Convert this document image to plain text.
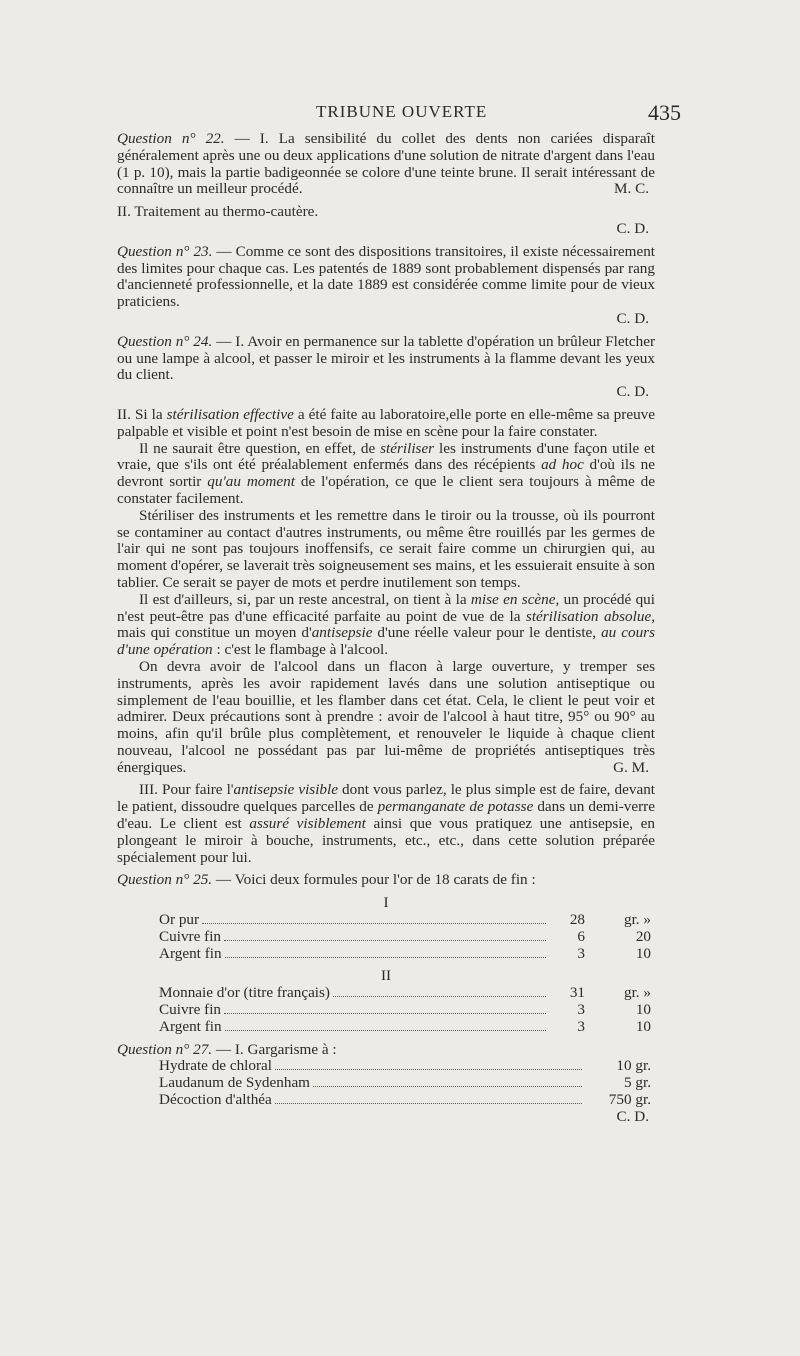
TRIBUNE OUVERTE	435

Question n° 22. — I. La sensibilité du collet des dents non cariées disparaît généralement après une ou deux applications d'une solution de nitrate d'argent dans l'eau (1 p. 10), mais la partie badigeonnée se colore d'une teinte brune. Il serait intéressant de connaître un meilleur procédé.	M. C.

II. Traitement au thermo-cautère.

C. D.

Question n° 23. — Comme ce sont des dispositions transitoires, il existe nécessairement des limites pour chaque cas. Les patentés de 1889 sont probablement dispensés par rang d'ancienneté professionnelle, et la date 1889 est considérée comme limite pour de vieux praticiens.

C. D.

Question n° 24. — I. Avoir en permanence sur la tablette d'opération un brûleur Fletcher ou une lampe à alcool, et passer le miroir et les instruments à la flamme devant les yeux du client.

C. D.

II. Si la stérilisation effective a été faite au laboratoire,elle porte en elle-même sa preuve palpable et visible et point n'est besoin de mise en scène pour la faire constater.

Il ne saurait être question, en effet, de stériliser les instruments d'une façon utile et vraie, que s'ils ont été préalablement enfermés dans des récépients ad hoc d'où ils ne devront sortir qu'au moment de l'opération, ce que le client sera toujours à même de constater facilement.

Stériliser des instruments et les remettre dans le tiroir ou la trousse, où ils pourront se contaminer au contact d'autres instruments, ou même être rouillés par les germes de l'air qui ne sont pas toujours inoffensifs, ce serait faire comme un chirurgien qui, au moment d'opérer, se laverait très soigneusement ses mains, et les essuierait ensuite à son tablier. Ce serait se payer de mots et perdre inutilement son temps.

Il est d'ailleurs, si, par un reste ancestral, on tient à la mise en scène, un procédé qui n'est peut-être pas d'une efficacité parfaite au point de vue de la stérilisation absolue, mais qui constitue un moyen d'antisepsie d'une réelle valeur pour le dentiste, au cours d'une opération : c'est le flambage à l'alcool.

On devra avoir de l'alcool dans un flacon à large ouverture, y tremper ses instruments, après les avoir rapidement lavés dans une solution antiseptique ou simplement de l'eau bouillie, et les flamber dans cet état. Cela, le client le peut voir et admirer. Deux précautions sont à prendre : avoir de l'alcool à haut titre, 95° ou 90° au moins, afin qu'il brûle plus complètement, et renouveler le liquide à chaque client nouveau, l'alcool ne possédant pas par lui-même de propriétés antiseptiques très énergiques.	G. M.

III. Pour faire l'antisepsie visible dont vous parlez, le plus simple est de faire, devant le patient, dissoudre quelques parcelles de permanganate de potasse dans un demi-verre d'eau. Le client est assuré visiblement ainsi que vous pratiquez une antisepsie, en plongeant le miroir à bouche, instruments, etc., etc., dans cette solution préparée spécialement pour lui.

Question n° 25. — Voici deux formules pour l'or de 18 carats de fin :

I

Or pur	28	gr. »
Cuivre fin	6	20
Argent fin	3	10

II

Monnaie d'or (titre français)	31	gr. »
Cuivre fin	3	10
Argent fin	3	10

Question n° 27. — I. Gargarisme à :

Hydrate de chloral	10 gr.
Laudanum de Sydenham	5 gr.
Décoction d'althéa	750 gr.

C. D.
